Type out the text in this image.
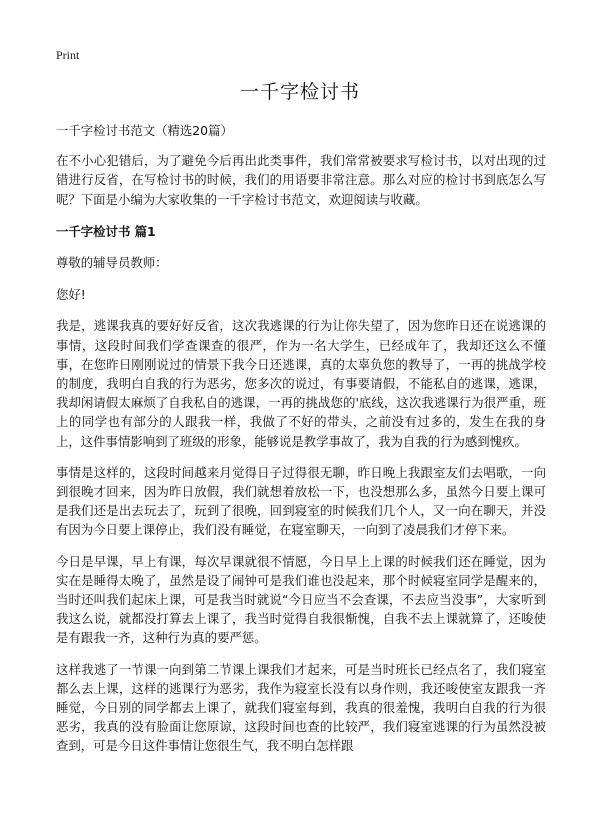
Print
一千字检讨书

一千字检讨书范文（精选20篇）

在不小心犯错后，为了避免今后再出此类事件，我们常常被要求写检讨书，以对出现的过错进行反省，在写检讨书的时候，我们的用语要非常注意。那么对应的检讨书到底怎么写呢？下面是小编为大家收集的一千字检讨书范文，欢迎阅读与收藏。

一千字检讨书 篇1

尊敬的辅导员教师：

您好!

我是，逃课我真的要好好反省，这次我逃课的行为让你失望了，因为您昨日还在说逃课的事情，这段时间我们学查课查的很严，作为一名大学生，已经成年了，我却还这么不懂事，在您昨日刚刚说过的情景下我今日还逃课，真的太辜负您的教导了，一再的挑战学校的制度，我明白自我的行为恶劣，您多次的说过，有事要请假，不能私自的逃课，逃课，我却闲请假太麻烦了自我私自的逃课，一再的挑战您的'底线，这次我逃课行为很严重，班上的同学也有部分的人跟我一样，我做了不好的带头，之前没有过多的，发生在我的身上，这件事情影响到了班级的形象，能够说是教学事故了，我为自我的行为感到愧疚。

事情是这样的，这段时间越来月觉得日子过得很无聊，昨日晚上我跟室友们去唱歌，一向到很晚才回来，因为昨日放假，我们就想着放松一下，也没想那么多，虽然今日要上课可是我们还是出去玩去了，玩到了很晚，回到寝室的时候我们几个人，又一向在聊天，并没有因为今日要上课停止，我们没有睡觉，在寝室聊天，一向到了凌晨我们才停下来。

今日是早课，早上有课，每次早课就很不情愿，今日早上上课的时候我们还在睡觉，因为实在是睡得太晚了，虽然是设了闹钟可是我们谁也没起来，那个时候寝室同学是醒来的，当时还叫我们起床上课，可是我当时就说“今日应当不会查课，不去应当没事”，大家听到我这么说，就都没打算去上课了，我当时觉得自我很惭愧，自我不去上课就算了，还唆使是有跟我一齐，这种行为真的要严惩。

这样我逃了一节课一向到第二节课上课我们才起来，可是当时班长已经点名了，我们寝室都么去上课，这样的逃课行为恶劣，我作为寝室长没有以身作则，我还唆使室友跟我一齐睡觉，今日别的同学都去上课了，就我们寝室每到，我真的很羞愧，我明白自我的行为很恶劣，我真的没有脸面让您原谅，这段时间也查的比较严，我们寝室逃课的行为虽然没被查到，可是今日这件事情让您很生气，我不明白怎样跟
